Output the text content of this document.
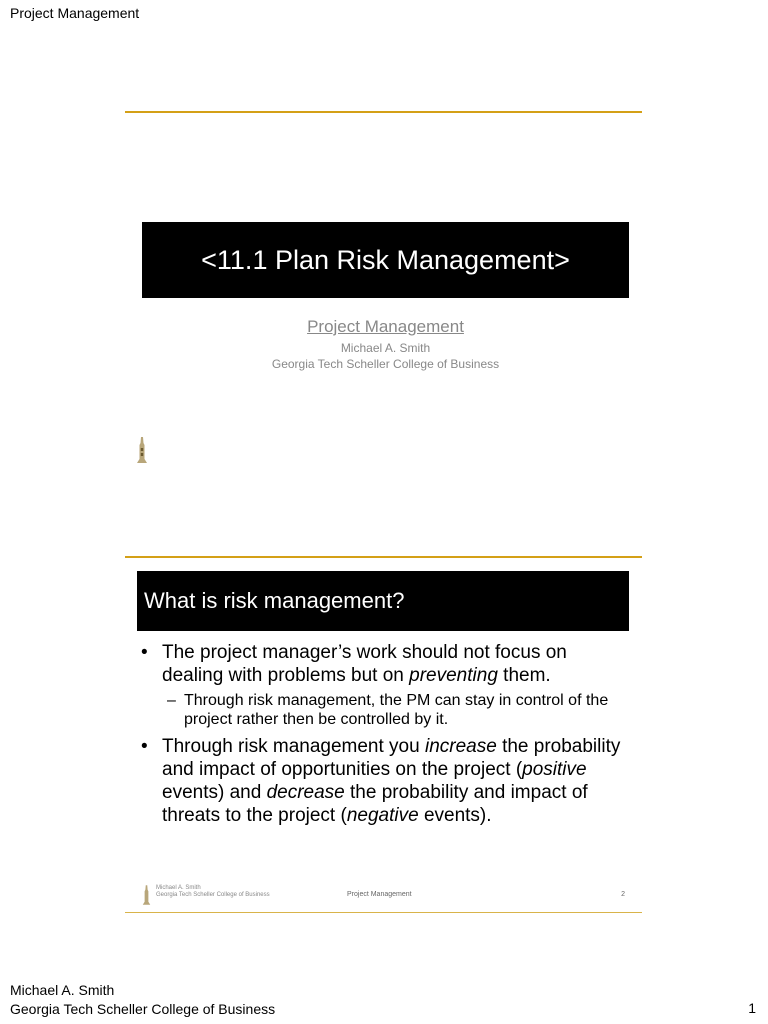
Project Management
<11.1 Plan Risk Management>
Project Management
Michael A. Smith
Georgia Tech Scheller College of Business
What is risk management?
• The project manager’s work should not focus on dealing with problems but on preventing them.
– Through risk management, the PM can stay in control of the project rather then be controlled by it.
• Through risk management you increase the probability and impact of opportunities on the project (positive events) and decrease the probability and impact of threats to the project (negative events).
Michael A. Smith
Georgia Tech Scheller College of Business	Project Management	2
Michael A. Smith
Georgia Tech Scheller College of Business	1
